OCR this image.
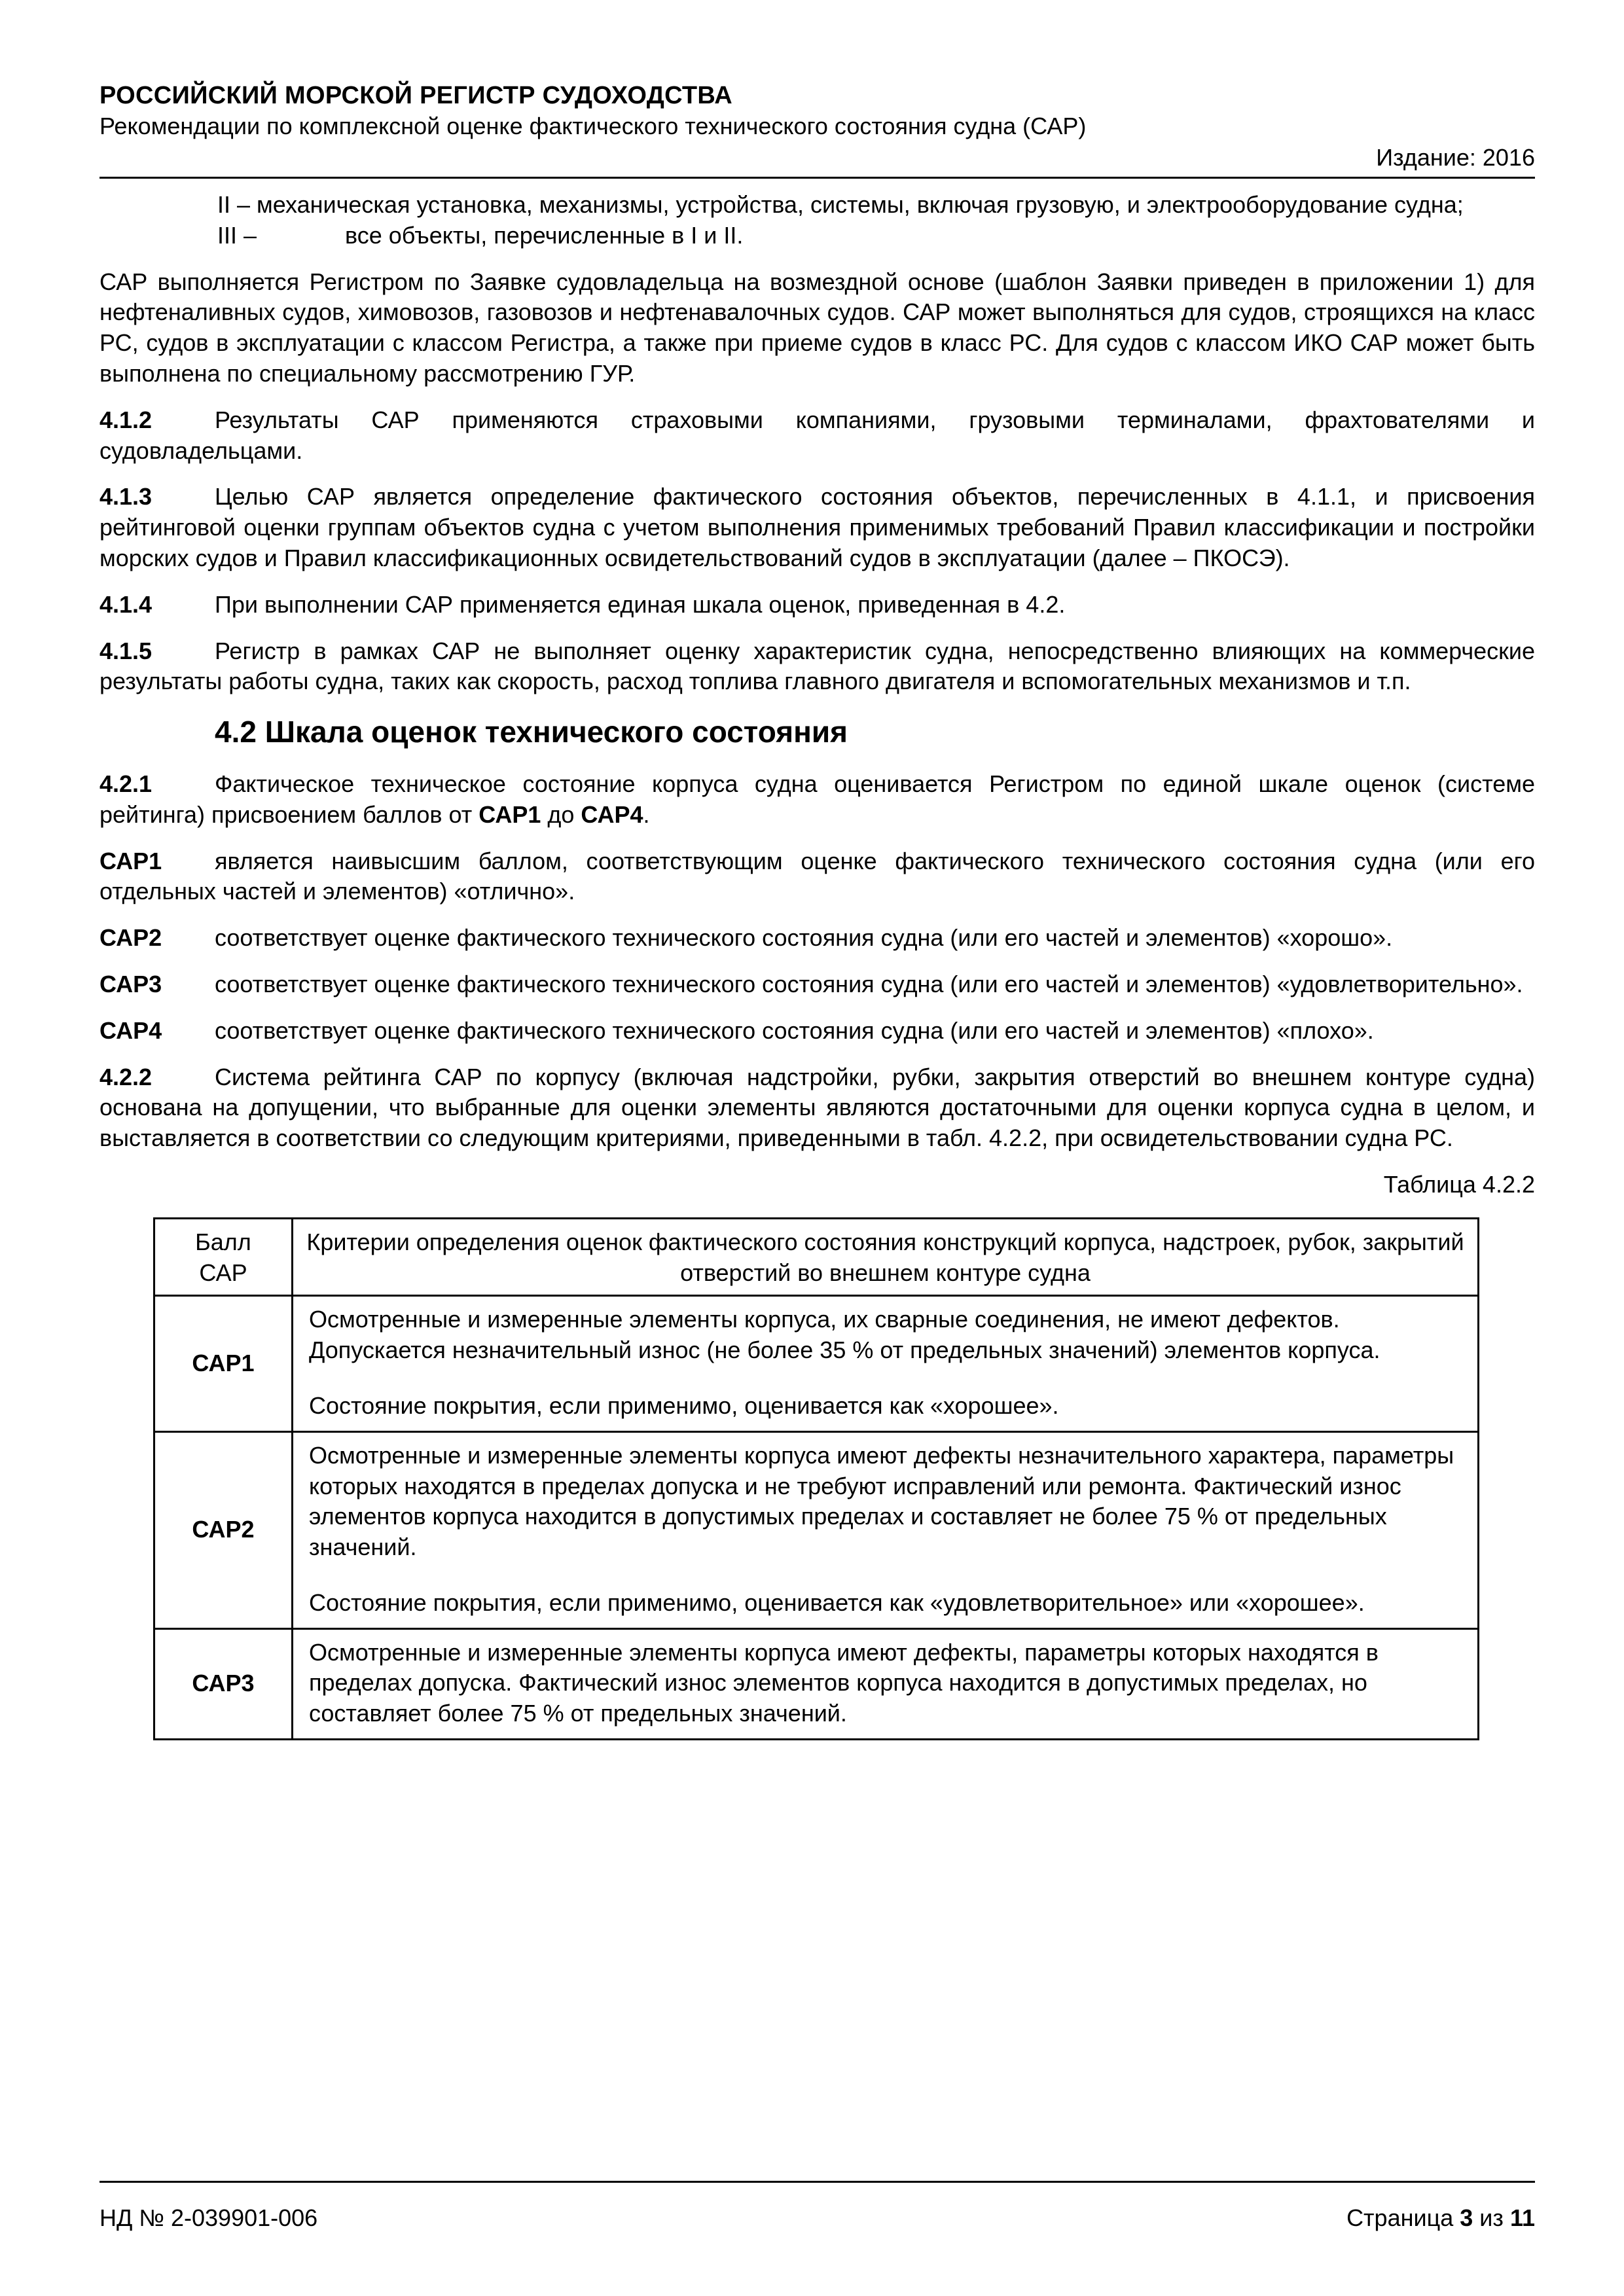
РОССИЙСКИЙ МОРСКОЙ РЕГИСТР СУДОХОДСТВА
Рекомендации по комплексной оценке фактического технического состояния судна (САР)
Издание: 2016

II – механическая установка, механизмы, устройства, системы, включая грузовую, и электрооборудование судна;

III –	все объекты, перечисленные в I и II.

САР выполняется Регистром по Заявке судовладельца на возмездной основе (шаблон Заявки приведен в приложении 1) для нефтеналивных судов, химовозов, газовозов и нефтенавалочных судов. САР может выполняться для судов, строящихся на класс РС, судов в эксплуатации с классом Регистра, а также при приеме судов в класс РС. Для судов с классом ИКО САР может быть выполнена по специальному рассмотрению ГУР.

4.1.2	Результаты САР применяются страховыми компаниями, грузовыми терминалами, фрахтователями и судовладельцами.

4.1.3	Целью САР является определение фактического состояния объектов, перечисленных в 4.1.1, и присвоения рейтинговой оценки группам объектов судна с учетом выполнения применимых требований Правил классификации и постройки морских судов и Правил классификационных освидетельствований судов в эксплуатации (далее – ПКОСЭ).

4.1.4	При выполнении САР применяется единая шкала оценок, приведенная в 4.2.

4.1.5	Регистр в рамках САР не выполняет оценку характеристик судна, непосредственно влияющих на коммерческие результаты работы судна, таких как скорость, расход топлива главного двигателя и вспомогательных механизмов и т.п.

4.2 Шкала оценок технического состояния

4.2.1	Фактическое техническое состояние корпуса судна оценивается Регистром по единой шкале оценок (системе рейтинга) присвоением баллов от САР1 до САР4.

САР1 является наивысшим баллом, соответствующим оценке фактического технического состояния судна (или его отдельных частей и элементов) «отлично».

САР2 соответствует оценке фактического технического состояния судна (или его частей и элементов) «хорошо».

САР3 соответствует оценке фактического технического состояния судна (или его частей и элементов) «удовлетворительно».

САР4 соответствует оценке фактического технического состояния судна (или его частей и элементов) «плохо».

4.2.2	Система рейтинга САР по корпусу (включая надстройки, рубки, закрытия отверстий во внешнем контуре судна) основана на допущении, что выбранные для оценки элементы являются достаточными для оценки корпуса судна в целом, и выставляется в соответствии со следующим критериями, приведенными в табл. 4.2.2, при освидетельствовании судна РС.

Таблица 4.2.2
Балл
САР	Критерии определения оценок фактического состояния конструкций корпуса, надстроек, рубок, закрытий отверстий во внешнем контуре судна
САР1	Осмотренные и измеренные элементы корпуса, их сварные соединения, не имеют дефектов. Допускается незначительный износ (не более 35 % от предельных значений) элементов корпуса.

Состояние покрытия, если применимо, оценивается как «хорошее».

САР2	Осмотренные и измеренные элементы корпуса имеют дефекты незначительного характера, параметры которых находятся в пределах допуска и не требуют исправлений или ремонта. Фактический износ элементов корпуса находится в допустимых пределах и составляет не более 75 % от предельных значений.

Состояние покрытия, если применимо, оценивается как «удовлетворительное» или «хорошее».

САР3	Осмотренные и измеренные элементы корпуса имеют дефекты, параметры которых находятся в пределах допуска. Фактический износ элементов корпуса находится в допустимых пределах, но составляет более 75 % от предельных значений.

НД № 2-039901-006	Страница 3 из 11
